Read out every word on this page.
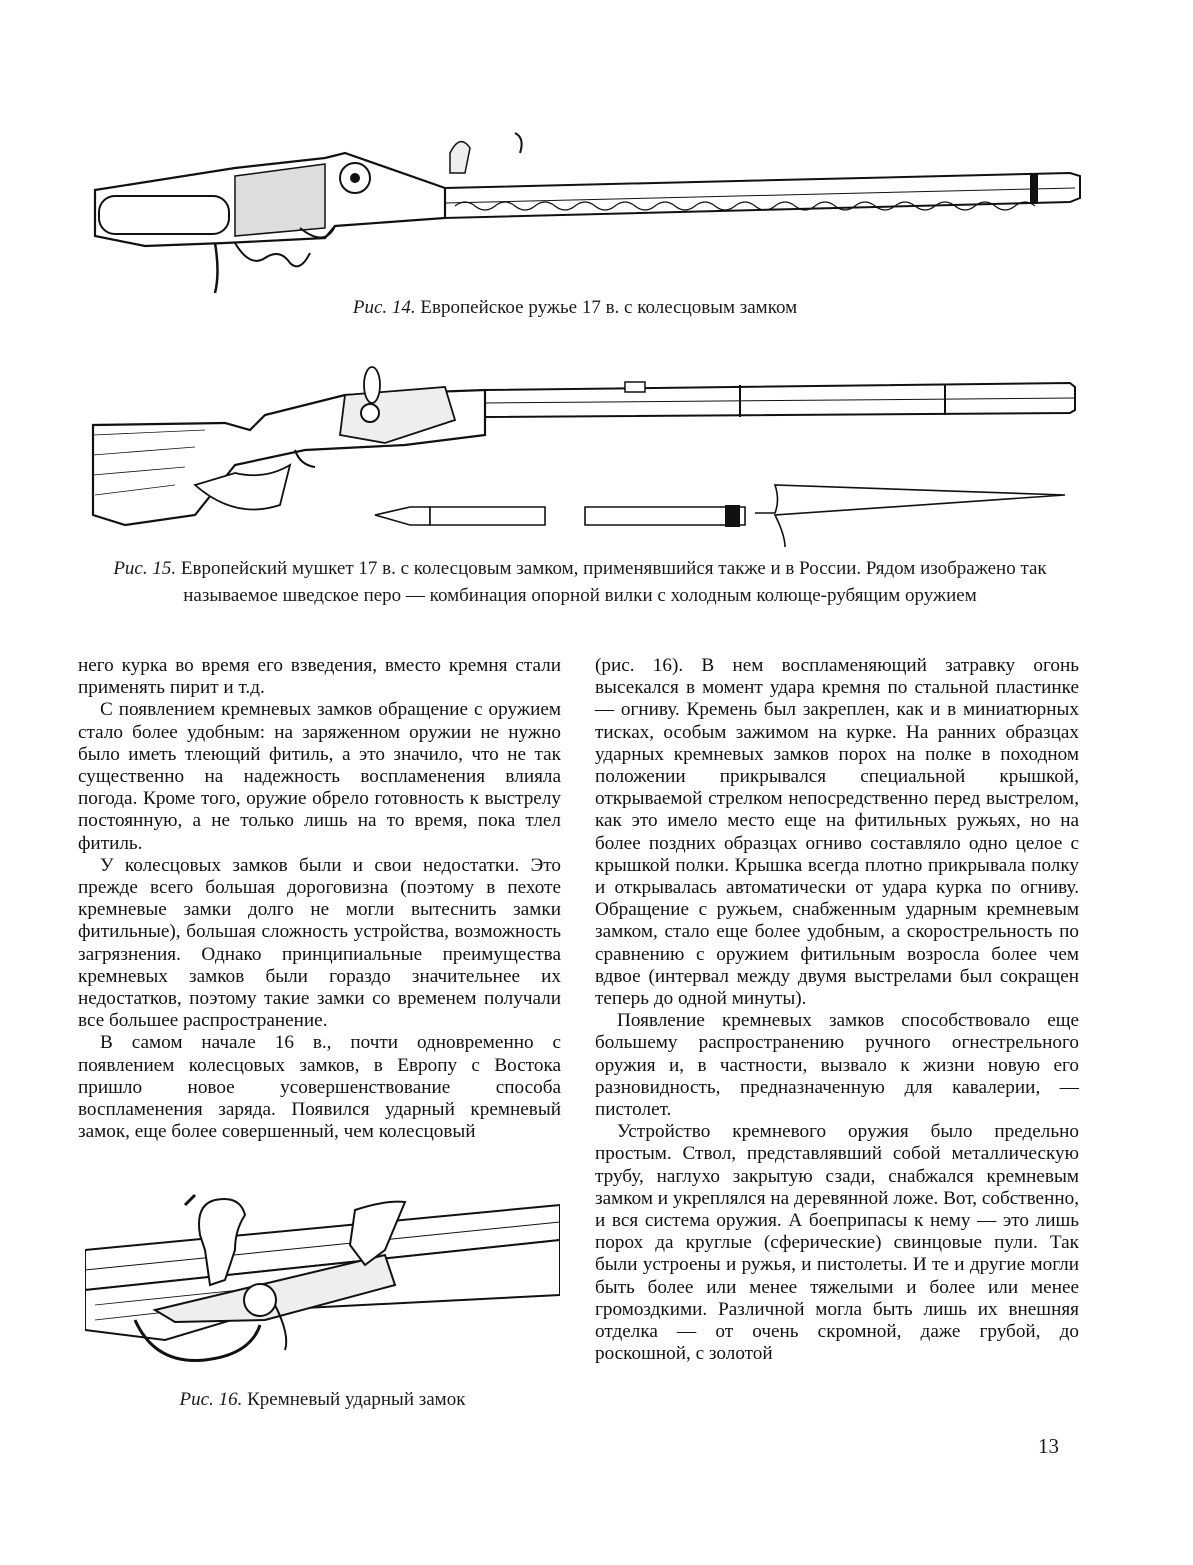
Рис. 14. Европейское ружье 17 в. с колесцовым замком
Рис. 15. Европейский мушкет 17 в. с колесцовым замком, применявшийся также и в России. Рядом изображено так называемое шведское перо — комбинация опорной вилки с холодным колюще-рубящим оружием

него курка во время его взведения, вместо кремня стали применять пирит и т.д.

С появлением кремневых замков обращение с оружием стало более удобным: на заряженном оружии не нужно было иметь тлеющий фитиль, а это значило, что не так существенно на надежность воспламенения влияла погода. Кроме того, оружие обрело готовность к выстрелу постоянную, а не только лишь на то время, пока тлел фитиль.

У колесцовых замков были и свои недостатки. Это прежде всего большая дороговизна (поэтому в пехоте кремневые замки долго не могли вытеснить замки фитильные), большая сложность устройства, возможность загрязнения. Однако принципиальные преимущества кремневых замков были гораздо значительнее их недостатков, поэтому такие замки со временем получали все большее распространение.

В самом начале 16 в., почти одновременно с появлением колесцовых замков, в Европу с Востока пришло новое усовершенствование способа воспламенения заряда. Появился ударный кремневый замок, еще более совершенный, чем колесцовый

Рис. 16. Кремневый ударный замок

(рис. 16). В нем воспламеняющий затравку огонь высекался в момент удара кремня по стальной пластинке — огниву. Кремень был закреплен, как и в миниатюрных тисках, особым зажимом на курке. На ранних образцах ударных кремневых замков порох на полке в походном положении прикрывался специальной крышкой, открываемой стрелком непосредственно перед выстрелом, как это имело место еще на фитильных ружьях, но на более поздних образцах огниво составляло одно целое с крышкой полки. Крышка всегда плотно прикрывала полку и открывалась автоматически от удара курка по огниву. Обращение с ружьем, снабженным ударным кремневым замком, стало еще более удобным, а скорострельность по сравнению с оружием фитильным возросла более чем вдвое (интервал между двумя выстрелами был сокращен теперь до одной минуты).

Появление кремневых замков способствовало еще большему распространению ручного огнестрельного оружия и, в частности, вызвало к жизни новую его разновидность, предназначенную для кавалерии, — пистолет.

Устройство кремневого оружия было предельно простым. Ствол, представлявший собой металлическую трубу, наглухо закрытую сзади, снабжался кремневым замком и укреплялся на деревянной ложе. Вот, собственно, и вся система оружия. А боеприпасы к нему — это лишь порох да круглые (сферические) свинцовые пули. Так были устроены и ружья, и пистолеты. И те и другие могли быть более или менее тяжелыми и более или менее громоздкими. Различной могла быть лишь их внешняя отделка — от очень скромной, даже грубой, до роскошной, с золотой

13
